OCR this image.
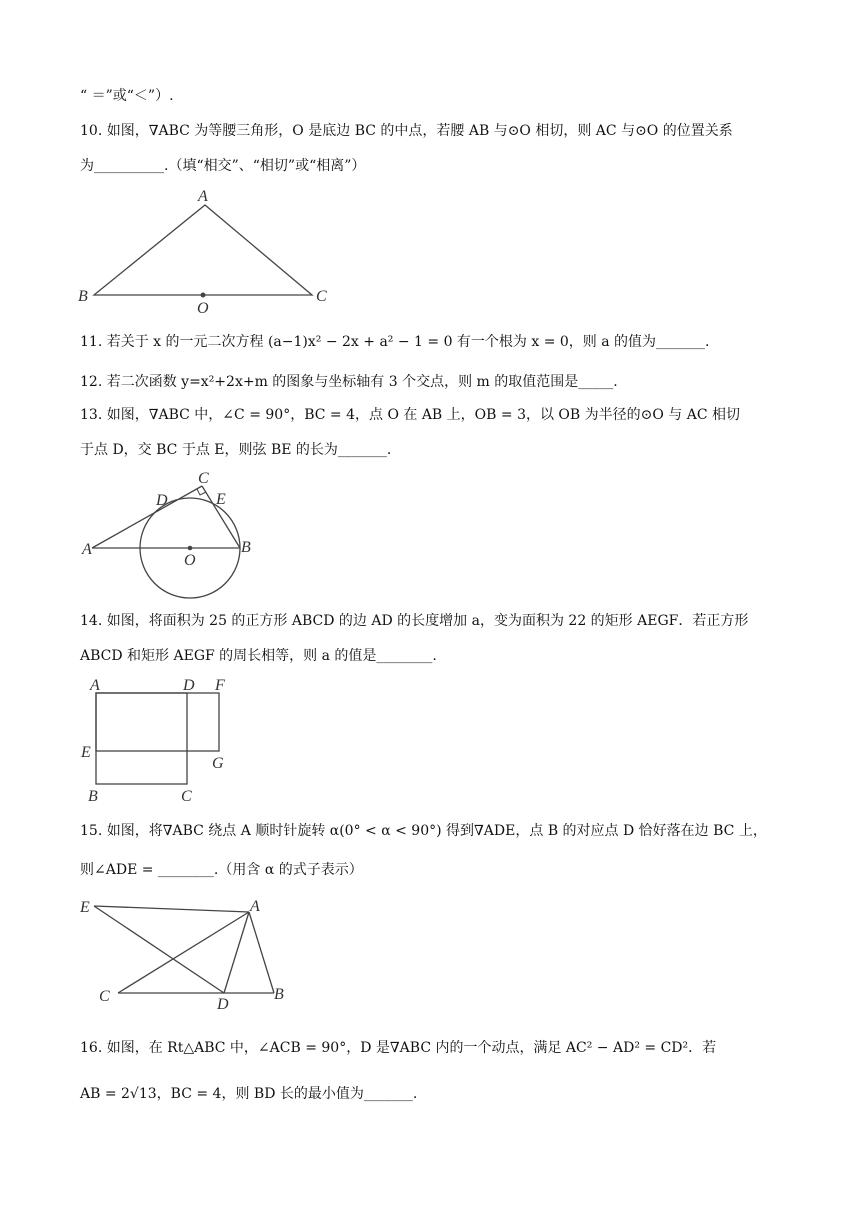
“ ＝”或“＜”）.
10. 如图，∇ABC 为等腰三角形，O 是底边 BC 的中点，若腰 AB 与⊙O 相切，则 AC 与⊙O 的位置关系
为__________.（填“相交”、“相切”或“相离”）
A
B	C
O
11. 若关于 x 的一元二次方程 (a−1)x² − 2x + a² − 1 = 0 有一个根为 x = 0，则 a 的值为_______.
12. 若二次函数 y=x²+2x+m 的图象与坐标轴有 3 个交点，则 m 的取值范围是_____.
13. 如图，∇ABC 中，∠C = 90°，BC = 4，点 O 在 AB 上，OB = 3，以 OB 为半径的⊙O 与 AC 相切
于点 D，交 BC 于点 E，则弦 BE 的长为_______.
A	B
C
D	E
O
14. 如图，将面积为 25 的正方形 ABCD 的边 AD 的长度增加 a，变为面积为 22 的矩形 AEGF．若正方形
ABCD 和矩形 AEGF 的周长相等，则 a 的值是________.
A	D F
E
G
B	C
15. 如图，将∇ABC 绕点 A 顺时针旋转 α(0° < α < 90°) 得到∇ADE，点 B 的对应点 D 恰好落在边 BC 上，
则∠ADE = ________.（用含 α 的式子表示）
E	A
C	D
B
16. 如图，在 Rt△ABC 中，∠ACB = 90°，D 是∇ABC 内的一个动点，满足 AC² − AD² = CD²．若
AB = 2√13，BC = 4，则 BD 长的最小值为_______.
